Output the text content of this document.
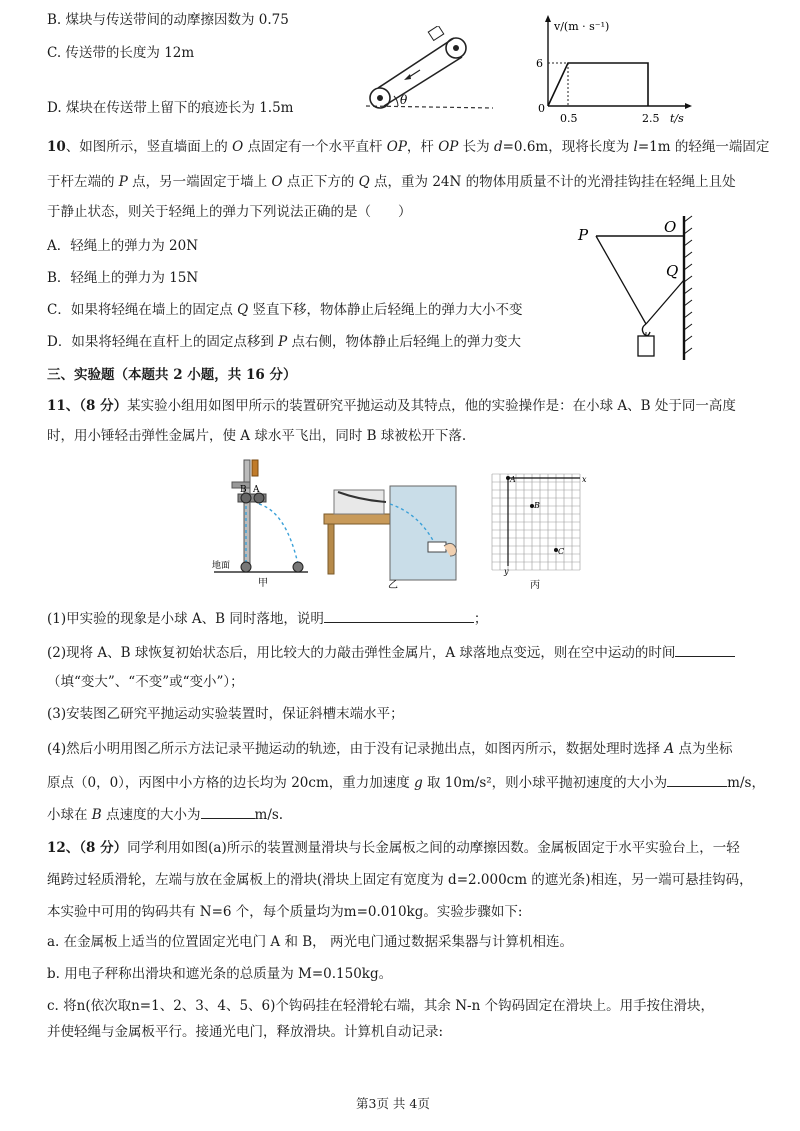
B. 煤块与传送带间的动摩擦因数为 0.75
C. 传送带的长度为 12m
D. 煤块在传送带上留下的痕迹长为 1.5m	θ
v/(m · s⁻¹)
6
0
0.5	2.5 t/s
10、如图所示，竖直墙面上的 O 点固定有一个水平直杆 OP，杆 OP 长为 d=0.6m，现将长度为 l=1m 的轻绳一端固定
于杆左端的 P 点，另一端固定于墙上 O 点正下方的 Q 点，重为 24N 的物体用质量不计的光滑挂钩挂在轻绳上且处
于静止状态，则关于轻绳上的弹力下列说法正确的是（　　）
A．轻绳上的弹力为 20N
B．轻绳上的弹力为 15N
C．如果将轻绳在墙上的固定点 Q 竖直下移，物体静止后轻绳上的弹力大小不变
D．如果将轻绳在直杆上的固定点移到 P 点右侧，物体静止后轻绳上的弹力变大
P	O
Q
三、实验题（本题共 2 小题，共 16 分）
11、（8 分）某实验小组用如图甲所示的装置研究平抛运动及其特点，他的实验操作是：在小球 A、B 处于同一高度
时，用小锤轻击弹性金属片，使 A 球水平飞出，同时 B 球被松开下落.
B A
地面
甲	乙
A
B
C
x
y
丙
(1)甲实验的现象是小球 A、B 同时落地，说明	；
(2)现将 A、B 球恢复初始状态后，用比较大的力敲击弹性金属片，A 球落地点变远，则在空中运动的时间
（填“变大”、“不变”或“变小”）；
(3)安装图乙研究平抛运动实验装置时，保证斜槽末端水平；
(4)然后小明用图乙所示方法记录平抛运动的轨迹，由于没有记录抛出点，如图丙所示，数据处理时选择 A 点为坐标
原点（0，0），丙图中小方格的边长均为 20cm，重力加速度 g 取 10m/s²，则小球平抛初速度的大小为	m/s，
小球在 B 点速度的大小为	m/s.
12、（8 分）同学利用如图(a)所示的装置测量滑块与长金属板之间的动摩擦因数。金属板固定于水平实验台上，一轻
绳跨过轻质滑轮，左端与放在金属板上的滑块(滑块上固定有宽度为 d=2.000cm 的遮光条)相连，另一端可悬挂钩码，
本实验中可用的钩码共有 N=6 个，每个质量均为m=0.010kg。实验步骤如下:
a. 在金属板上适当的位置固定光电门 A 和 B， 两光电门通过数据采集器与计算机相连。
b. 用电子秤称出滑块和遮光条的总质量为 M=0.150kg。
c. 将n(依次取n=1、2、3、4、5、6)个钩码挂在轻滑轮右端，其余 N-n 个钩码固定在滑块上。用手按住滑块，
并使轻绳与金属板平行。接通光电门，释放滑块。计算机自动记录:
第3页 共 4页
